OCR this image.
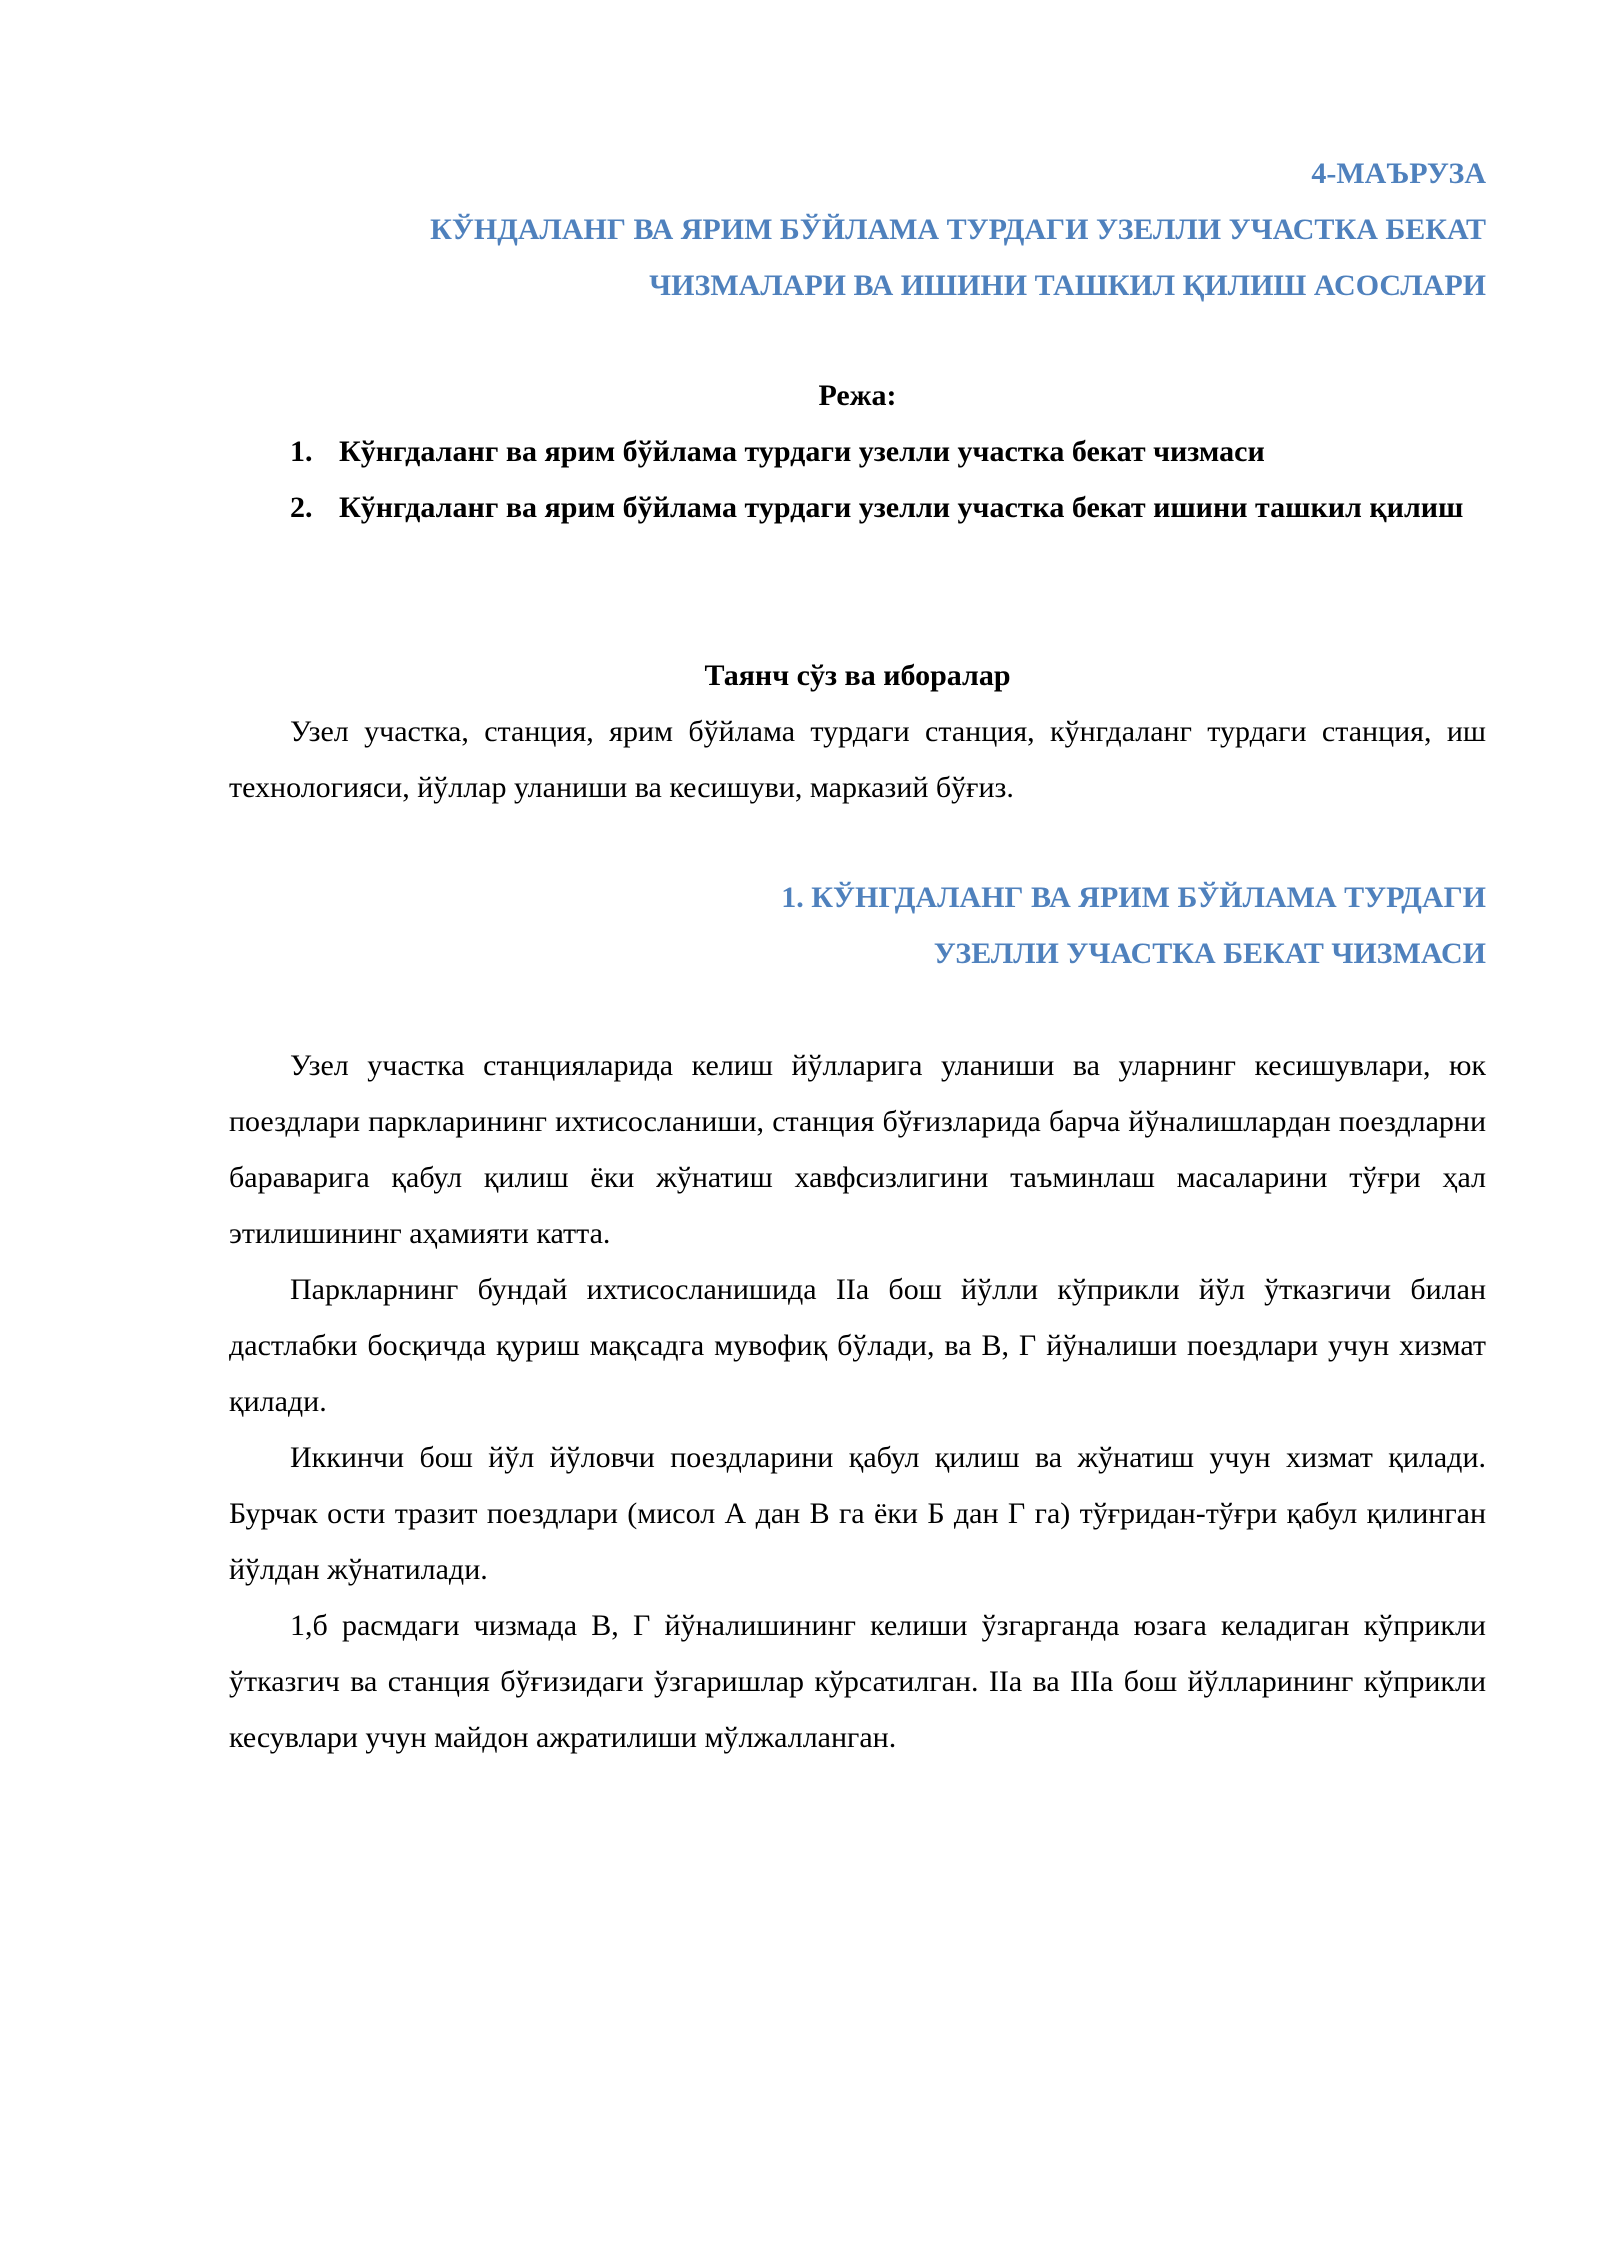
4-МАЪРУЗА
КЎНДАЛАНГ ВА ЯРИМ БЎЙЛАМА ТУРДАГИ УЗЕЛЛИ УЧАСТКА БЕКАТ
ЧИЗМАЛАРИ ВА ИШИНИ ТАШКИЛ ҚИЛИШ АСОСЛАРИ
Режа:
1. Кўнгдаланг ва ярим бўйлама турдаги узелли участка бекат чизмаси
2. Кўнгдаланг ва ярим бўйлама турдаги узелли участка бекат ишини ташкил қилиш
Таянч сўз ва иборалар

Узел участка, станция, ярим бўйлама турдаги станция, кўнгдаланг турдаги станция, иш технологияси, йўллар уланиши ва кесишуви, марказий бўғиз.

1. КЎНГДАЛАНГ ВА ЯРИМ БЎЙЛАМА ТУРДАГИ
УЗЕЛЛИ УЧАСТКА БЕКАТ ЧИЗМАСИ

Узел участка станцияларида келиш йўлларига уланиши ва уларнинг кесишувлари, юк поездлари паркларининг ихтисосланиши, станция бўғизларида барча йўналишлардан поездларни бараварига қабул қилиш ёки жўнатиш хавфсизлигини таъминлаш масаларини тўғри ҳал этилишининг аҳамияти катта.

Паркларнинг бундай ихтисосланишида IIа бош йўлли кўприкли йўл ўтказгичи билан дастлабки босқичда қуриш мақсадга мувофиқ бўлади, ва В, Г йўналиши поездлари учун хизмат қилади.

Иккинчи бош йўл йўловчи поездларини қабул қилиш ва жўнатиш учун хизмат қилади. Бурчак ости тразит поездлари (мисол А дан В га ёки Б дан Г га) тўғридан-тўғри қабул қилинган йўлдан жўнатилади.

1,б расмдаги чизмада В, Г йўналишининг келиши ўзгарганда юзага келадиган кўприкли ўтказгич ва станция бўғизидаги ўзгаришлар кўрсатилган. IIа ва IIIа бош йўлларининг кўприкли кесувлари учун майдон ажратилиши мўлжалланган.
